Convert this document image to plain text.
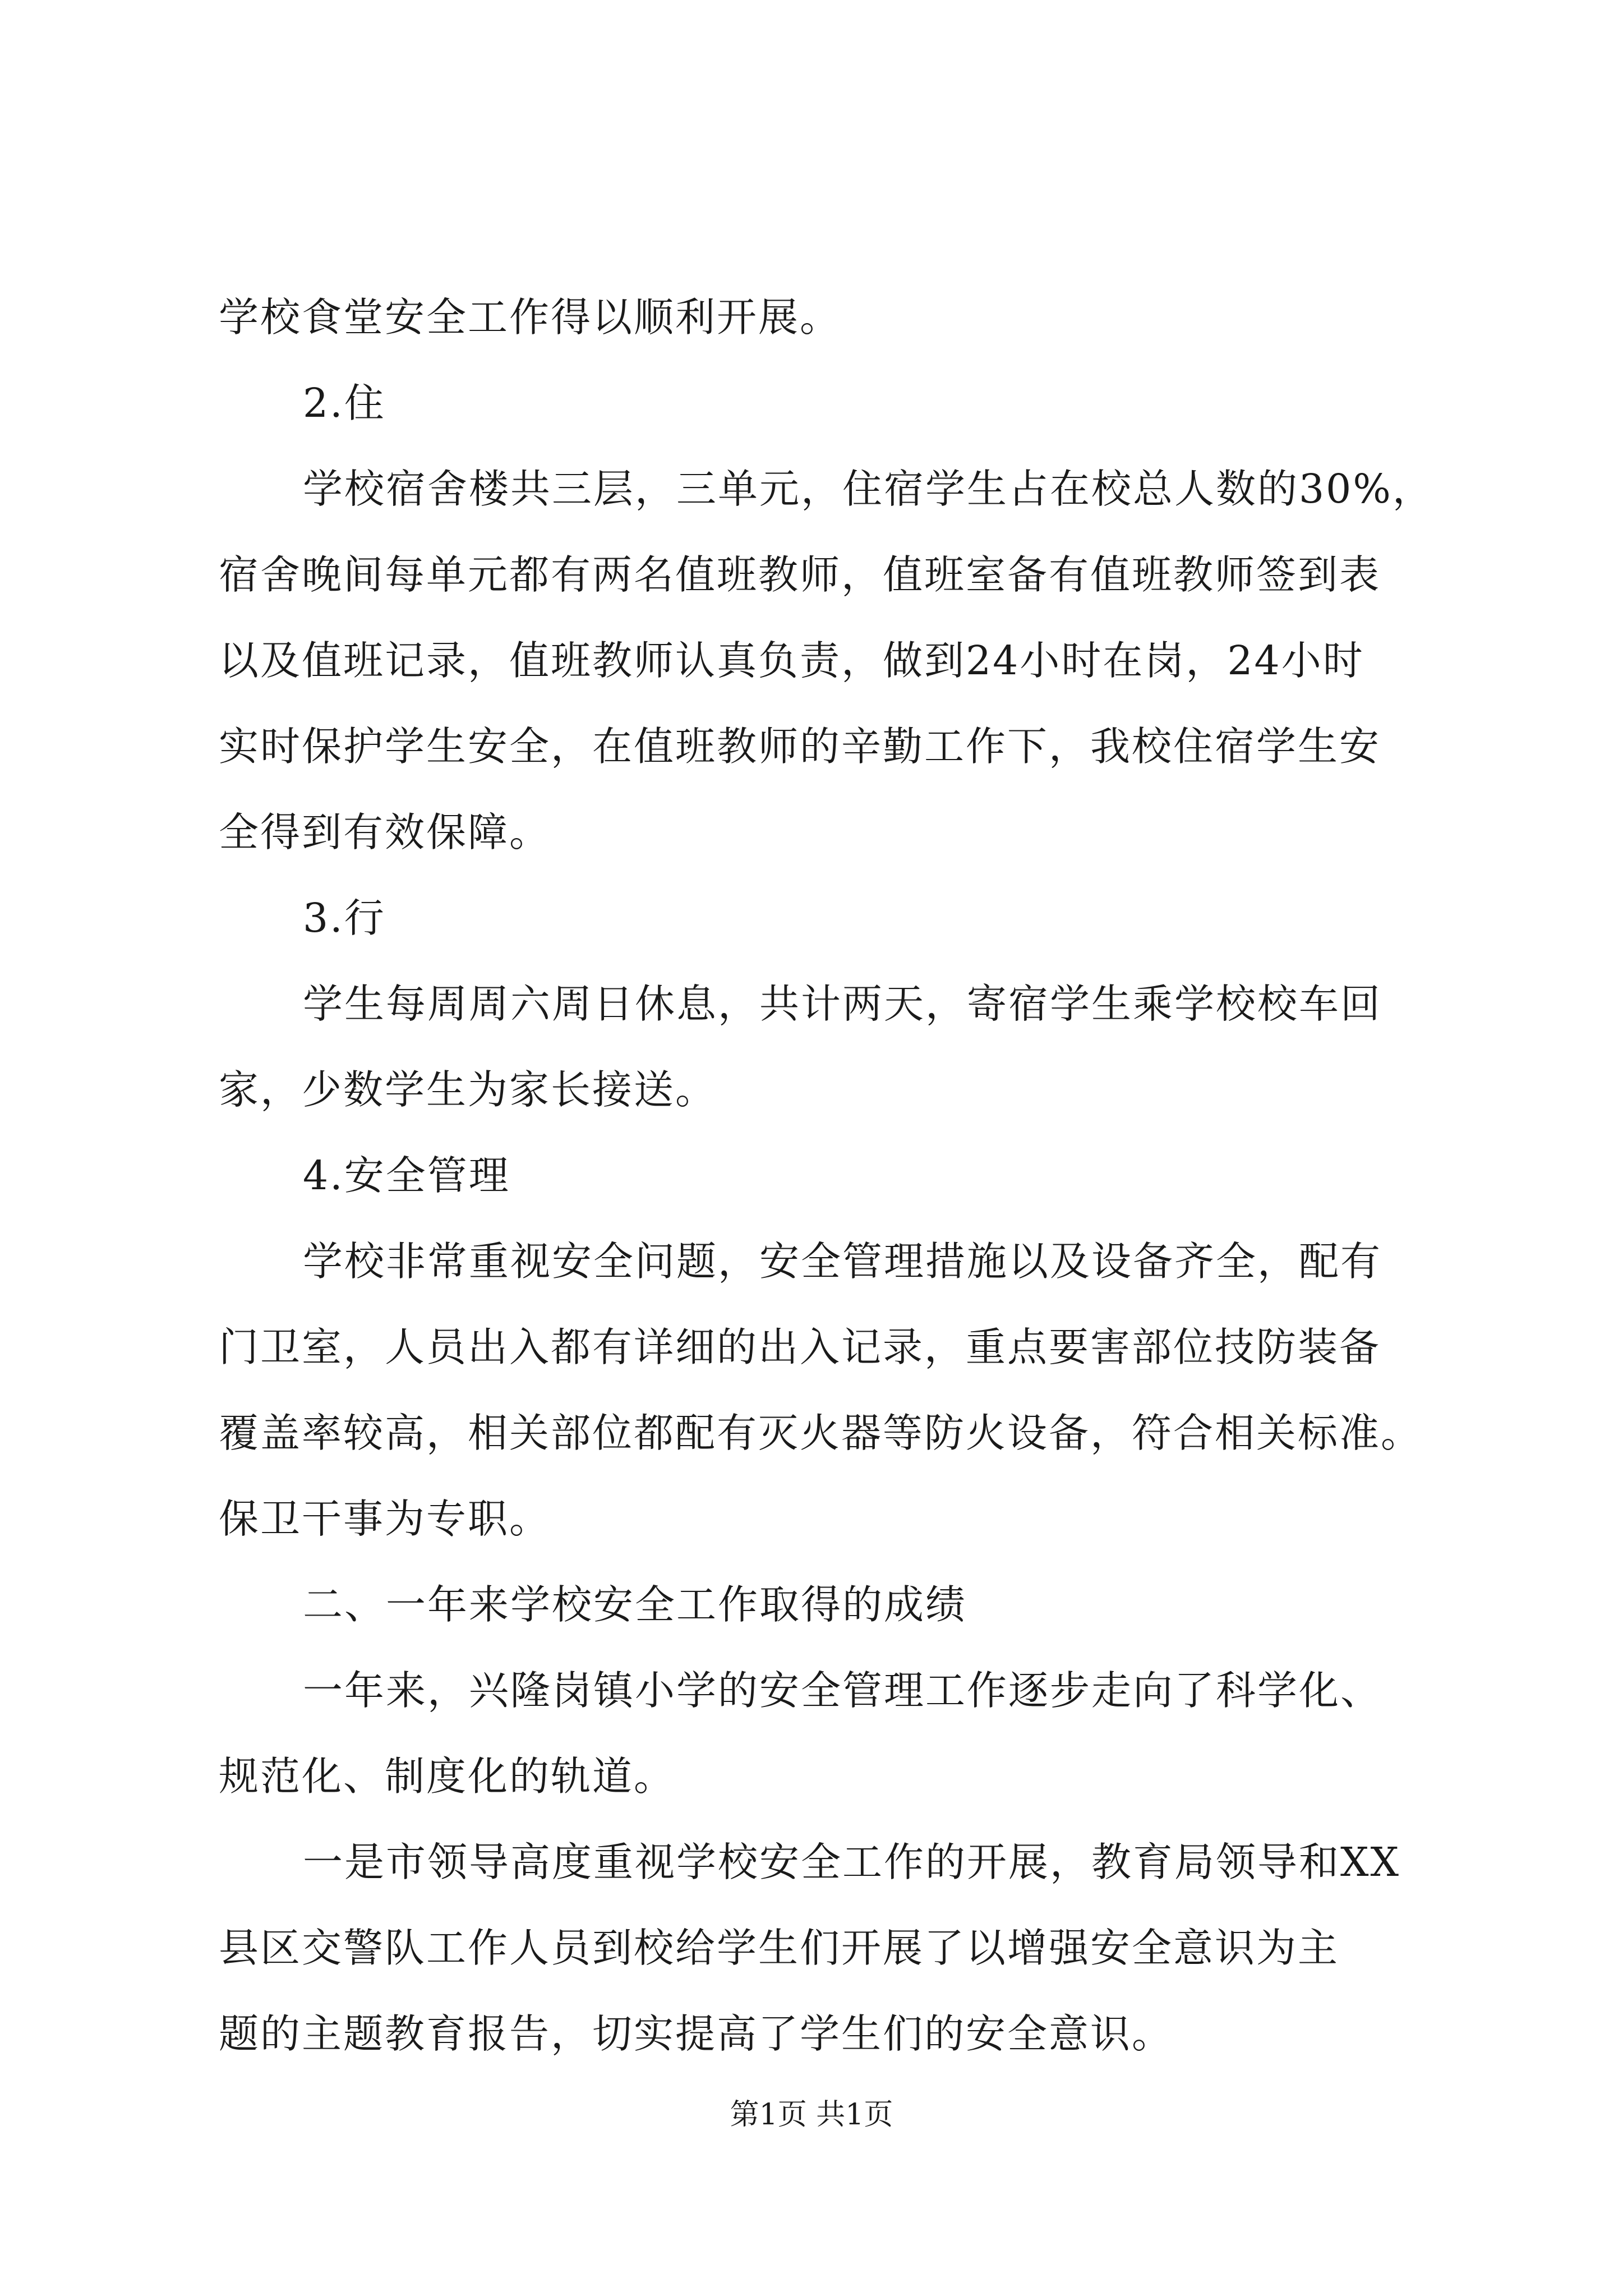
学校食堂安全工作得以顺利开展。
2.住
学校宿舍楼共三层，三单元，住宿学生占在校总人数的30%，
宿舍晚间每单元都有两名值班教师，值班室备有值班教师签到表
以及值班记录，值班教师认真负责，做到24小时在岗，24小时
实时保护学生安全，在值班教师的辛勤工作下，我校住宿学生安
全得到有效保障。
3.行
学生每周周六周日休息，共计两天，寄宿学生乘学校校车回
家，少数学生为家长接送。
4.安全管理
学校非常重视安全问题，安全管理措施以及设备齐全，配有
门卫室，人员出入都有详细的出入记录，重点要害部位技防装备
覆盖率较高，相关部位都配有灭火器等防火设备，符合相关标准。
保卫干事为专职。
二、一年来学校安全工作取得的成绩
一年来，兴隆岗镇小学的安全管理工作逐步走向了科学化、
规范化、制度化的轨道。
一是市领导高度重视学校安全工作的开展，教育局领导和XX
县区交警队工作人员到校给学生们开展了以增强安全意识为主
题的主题教育报告，切实提高了学生们的安全意识。
第1页 共1页
